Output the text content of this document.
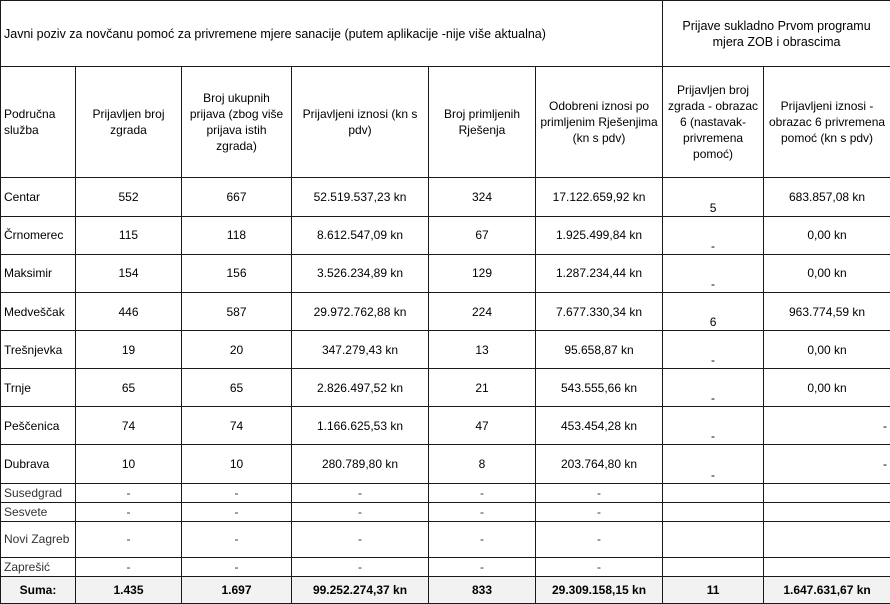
Javni poziv za novčanu pomoć za privremene mjere sanacije (putem aplikacije -nije više aktualna)						Prijave sukladno Prvom programu mjera ZOB i obrascima	
Područna služba	Prijavljen broj zgrada	Broj ukupnih prijava (zbog više prijava istih zgrada)	Prijavljeni iznosi (kn s pdv)	Broj primljenih Rješenja	Odobreni iznosi po primljenim Rješenjima (kn s pdv)	Prijavljen broj zgrada - obrazac 6 (nastavak-privremena pomoć)	Prijavljeni iznosi - obrazac 6 privremena pomoć (kn s pdv)
Centar	552	667	52.519.537,23 kn	324	17.122.659,92 kn	5	683.857,08 kn
Črnomerec	115	118	8.612.547,09 kn	67	1.925.499,84 kn	-	0,00 kn
Maksimir	154	156	3.526.234,89 kn	129	1.287.234,44 kn	-	0,00 kn
Medveščak	446	587	29.972.762,88 kn	224	7.677.330,34 kn	6	963.774,59 kn
Trešnjevka	19	20	347.279,43 kn	13	95.658,87 kn	-	0,00 kn
Trnje	65	65	2.826.497,52 kn	21	543.555,66 kn	-	0,00 kn
Peščenica	74	74	1.166.625,53 kn	47	453.454,28 kn	-	-
Dubrava	10	10	280.789,80 kn	8	203.764,80 kn	-	-
Susedgrad	-	-	-	-	-		
Sesvete	-	-	-	-	-		
Novi Zagreb	-	-	-	-	-		
Zaprešić	-	-	-	-	-		
Suma:	1.435	1.697	99.252.274,37 kn	833	29.309.158,15 kn	11	1.647.631,67 kn
